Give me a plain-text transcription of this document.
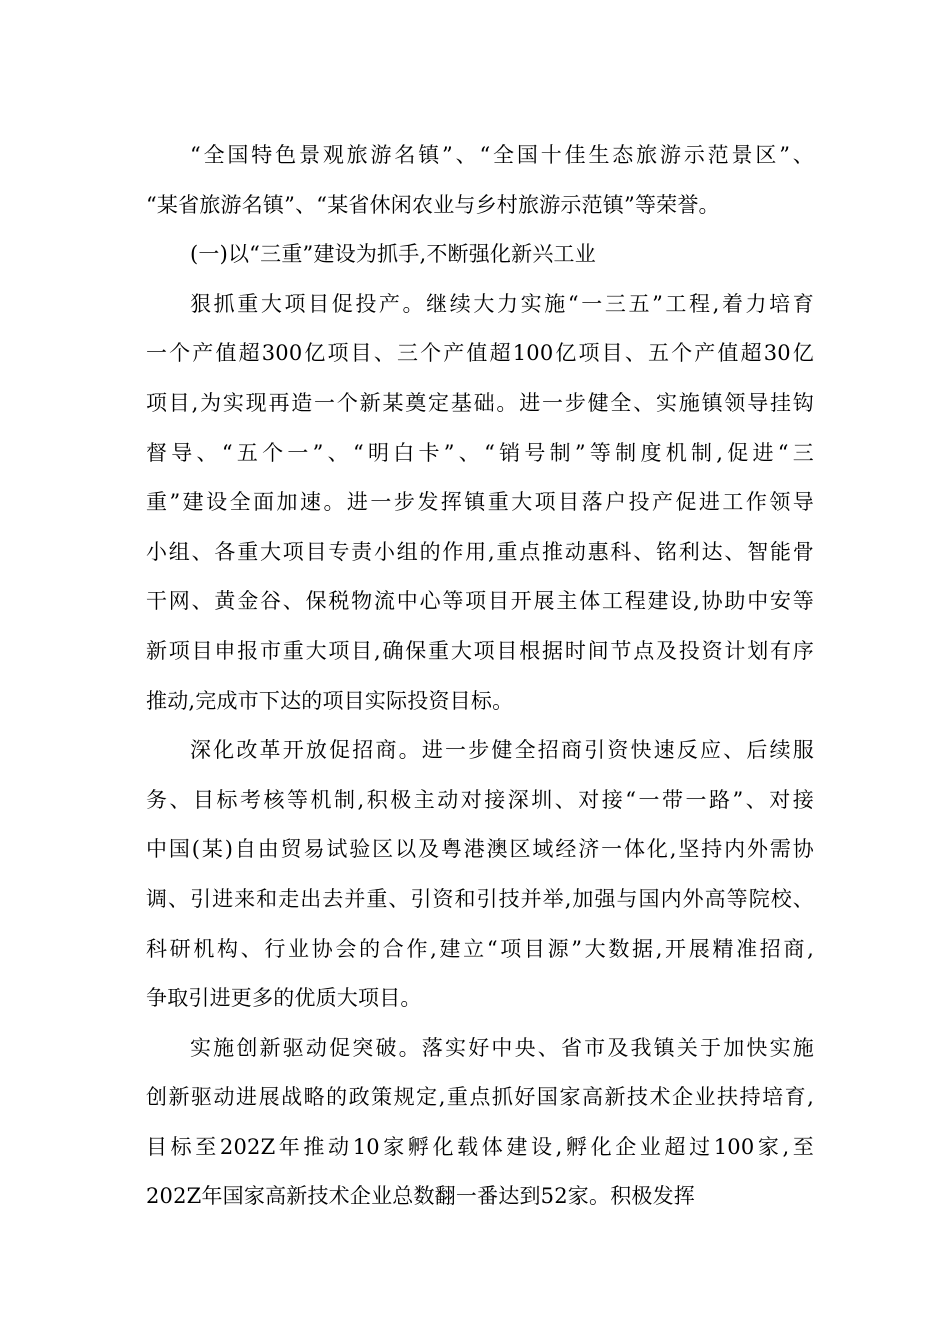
“全国特色景观旅游名镇”、“全国十佳生态旅游示范景区”、
“某省旅游名镇”、“某省休闲农业与乡村旅游示范镇”等荣誉。
(一)以“三重”建设为抓手,不断强化新兴工业
狠抓重大项目促投产。继续大力实施“一三五”工程,着力培育
一个产值超300亿项目、三个产值超100亿项目、五个产值超30亿
项目,为实现再造一个新某奠定基础。进一步健全、实施镇领导挂钩
督导、“五个一”、“明白卡”、“销号制”等制度机制,促进“三
重”建设全面加速。进一步发挥镇重大项目落户投产促进工作领导
小组、各重大项目专责小组的作用,重点推动惠科、铭利达、智能骨
干网、黄金谷、保税物流中心等项目开展主体工程建设,协助中安等
新项目申报市重大项目,确保重大项目根据时间节点及投资计划有序
推动,完成市下达的项目实际投资目标。
深化改革开放促招商。进一步健全招商引资快速反应、后续服
务、目标考核等机制,积极主动对接深圳、对接“一带一路”、对接
中国(某)自由贸易试验区以及粤港澳区域经济一体化,坚持内外需协
调、引进来和走出去并重、引资和引技并举,加强与国内外高等院校、
科研机构、行业协会的合作,建立“项目源”大数据,开展精准招商,
争取引进更多的优质大项目。
实施创新驱动促突破。落实好中央、省市及我镇关于加快实施
创新驱动进展战略的政策规定,重点抓好国家高新技术企业扶持培育,
目标至202Z年推动10家孵化载体建设,孵化企业超过100家,至
202Z年国家高新技术企业总数翻一番达到52家。积极发挥
